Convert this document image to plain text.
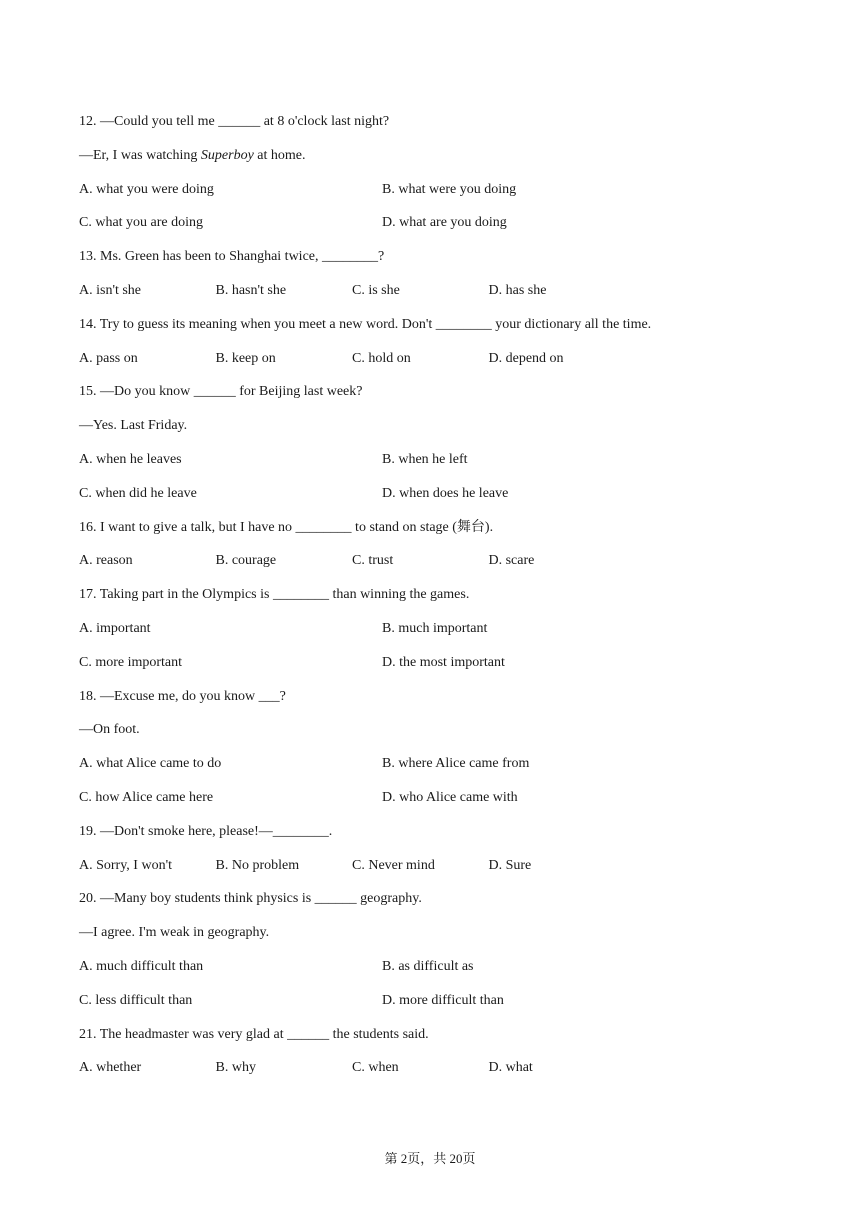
12. —Could you tell me ______ at 8 o'clock last night?
—Er, I was watching Superboy at home.
A. what you were doing	B. what were you doing
C. what you are doing	D. what are you doing
13. Ms. Green has been to Shanghai twice, ________?
A. isn't she	B. hasn't she	C. is she	D. has she
14. Try to guess its meaning when you meet a new word. Don't ________ your dictionary all the time.
A. pass on	B. keep on	C. hold on	D. depend on
15. —Do you know ______ for Beijing last week?
—Yes. Last Friday.
A. when he leaves	B. when he left
C. when did he leave	D. when does he leave
16. I want to give a talk, but I have no ________ to stand on stage (舞台).
A. reason	B. courage	C. trust	D. scare
17. Taking part in the Olympics is ________ than winning the games.
A. important	B. much important
C. more important	D. the most important
18. —Excuse me, do you know ___?
—On foot.
A. what Alice came to do	B. where Alice came from
C. how Alice came here	D. who Alice came with
19. —Don't smoke here, please!—________.
A. Sorry, I won't	B. No problem	C. Never mind	D. Sure
20. —Many boy students think physics is ______ geography.
—I agree. I'm weak in geography.
A. much difficult than	B. as difficult as
C. less difficult than	D. more difficult than
21. The headmaster was very glad at ______ the students said.
A. whether	B. why	C. when	D. what
第 2页，共 20页
